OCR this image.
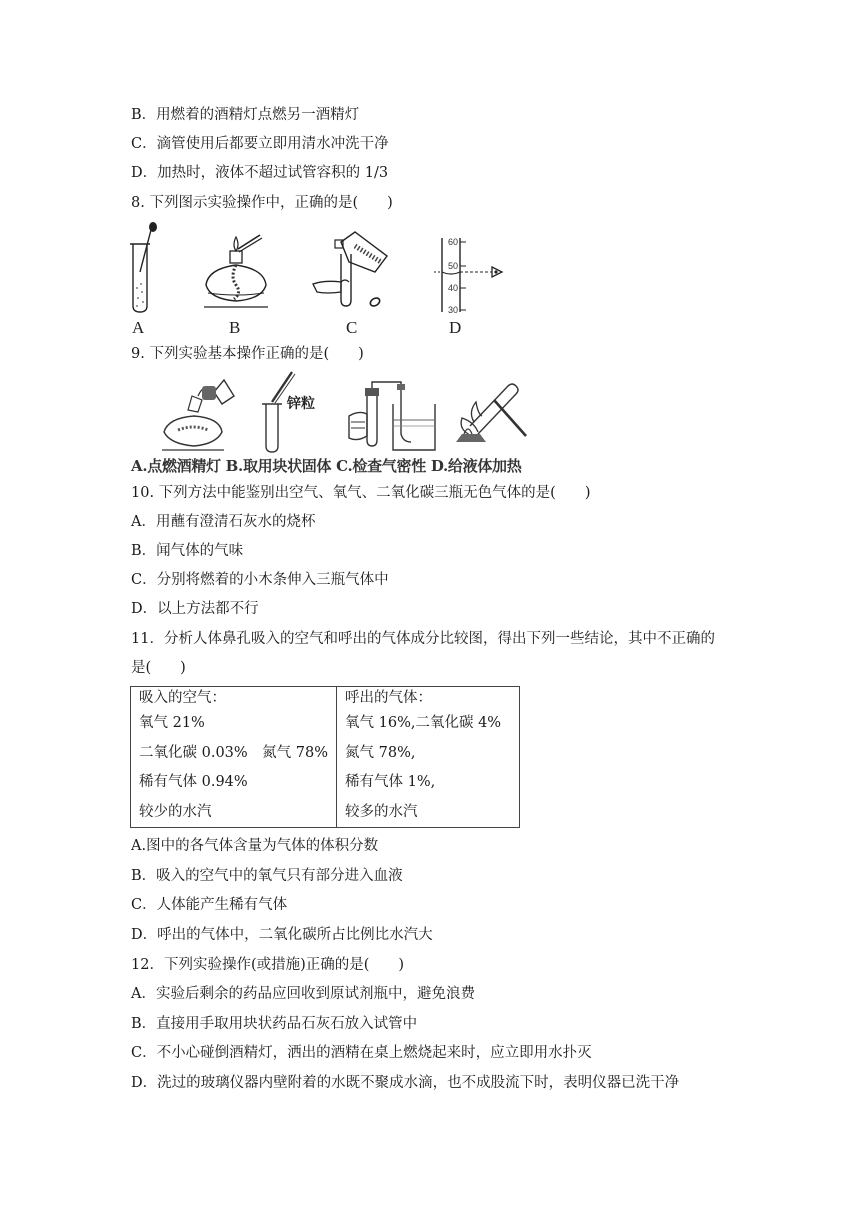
B．用燃着的酒精灯点燃另一酒精灯
C．滴管使用后都要立即用清水冲洗干净
D．加热时，液体不超过试管容积的 1/3
8. 下列图示实验操作中，正确的是(　　)
A	B	C
60
50
40
30
D
9. 下列实验基本操作正确的是(　　)
锌粒
A.点燃酒精灯 B.取用块状固体 C.检查气密性 D.给液体加热
10. 下列方法中能鉴别出空气、氧气、二氧化碳三瓶无色气体的是(　　)
A．用蘸有澄清石灰水的烧杯
B．闻气体的气味
C．分别将燃着的小木条伸入三瓶气体中
D．以上方法都不行
11．分析人体鼻孔吸入的空气和呼出的气体成分比较图，得出下列一些结论，其中不正确的
是(　　)
吸入的空气：
氧气 21%
二氧化碳 0.03%　氮气 78%
稀有气体 0.94%
较少的水汽

呼出的气体：
氧气 16%,二氧化碳 4%
氮气 78%,
稀有气体 1%,
较多的水汽
A.图中的各气体含量为气体的体积分数
B．吸入的空气中的氧气只有部分进入血液
C．人体能产生稀有气体
D．呼出的气体中，二氧化碳所占比例比水汽大
12．下列实验操作(或措施)正确的是(　　)
A．实验后剩余的药品应回收到原试剂瓶中，避免浪费
B．直接用手取用块状药品石灰石放入试管中
C．不小心碰倒酒精灯，洒出的酒精在桌上燃烧起来时，应立即用水扑灭
D．洗过的玻璃仪器内壁附着的水既不聚成水滴，也不成股流下时，表明仪器已洗干净
